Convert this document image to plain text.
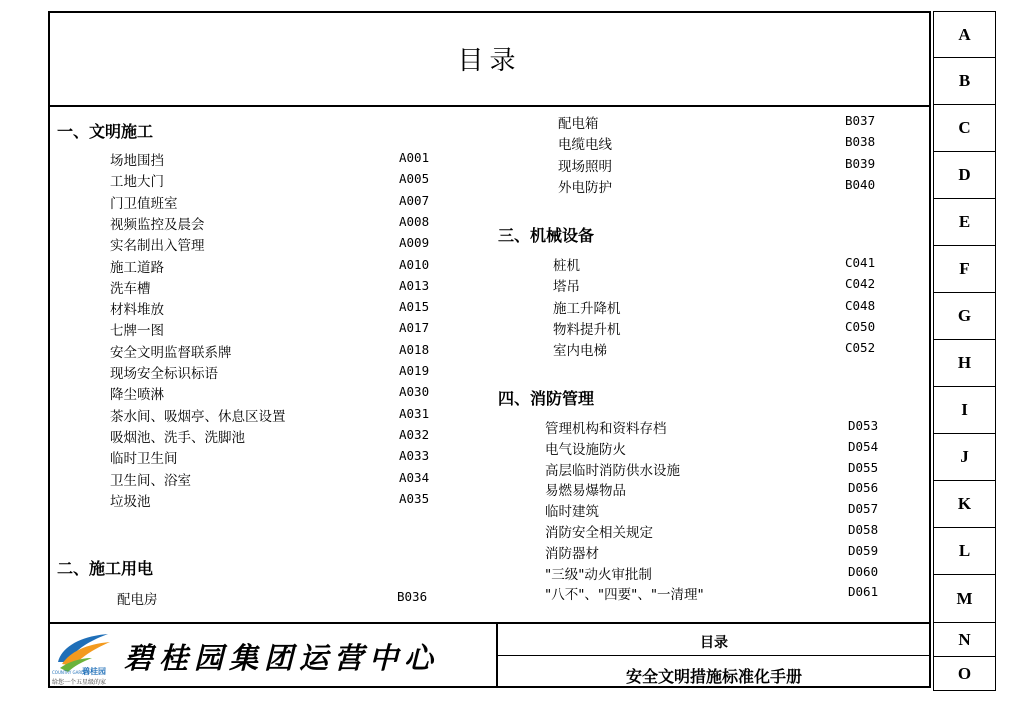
目录
一、文明施工
场地围挡	A001
工地大门	A005
门卫值班室	A007
视频监控及晨会	A008
实名制出入管理	A009
施工道路	A010
洗车槽	A013
材料堆放	A015
七牌一图	A017
安全文明监督联系牌	A018
现场安全标识标语	A019
降尘喷淋	A030
茶水间、吸烟亭、休息区设置	A031
吸烟池、洗手、洗脚池	A032
临时卫生间	A033
卫生间、浴室	A034
垃圾池	A035
二、施工用电
配电房	B036
配电箱	B037
电缆电线	B038
现场照明	B039
外电防护	B040
三、机械设备
桩机	C041
塔吊	C042
施工升降机	C048
物料提升机	C050
室内电梯	C052
四、消防管理
管理机构和资料存档	D053
电气设施防火	D054
高层临时消防供水设施	D055
易燃易爆物品	D056
临时建筑	D057
消防安全相关规定	D058
消防器材	D059
"三级"动火审批制	D060
"八不"、"四要"、"一清理"	D061
A
B
C
D
E
F
G
H
I
J
K
L
M
N
O
碧桂园
COUNTRY GARDEN
给您一个五星级的家
碧桂园集团运营中心	目录
安全文明措施标准化手册
